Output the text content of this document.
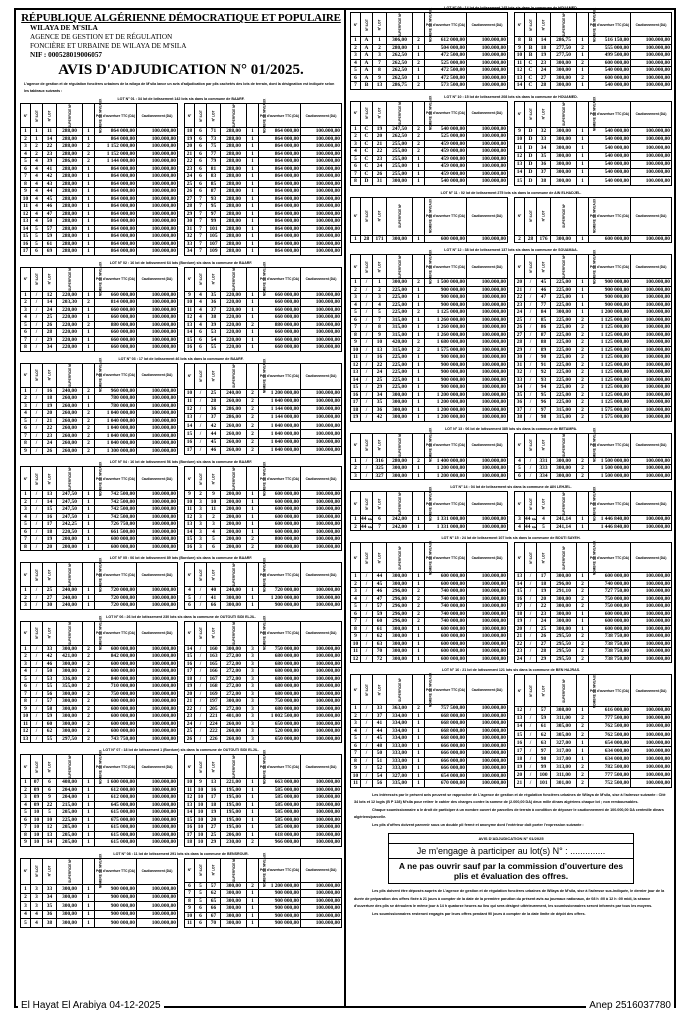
RÉPUBLIQUE ALGÉRIENNE DÉMOCRATIQUE ET POPULAIRE
WILAYA DE M'SILA
AGENCE DE GESTION ET DE RÉGULATION
FONCIÈRE ET URBAINE DE WILAYA DE M'SILA
NIF : 000528019006057
AVIS D'ADJUDICATION N° 01/2025.
L'agence de gestion et de régulation foncières urbaines de la wilaya de M'sila lance un avis d'adjudication par plis cachetés des lots de terrain, dont la désignation est indiquée selon les tableaux suivants :
LOT N° 01 : 34 lot de lotissement 142 lots sis dans la commune de BAARF.
N°	N° ILOT	N° LOT	SUPERFICIE M²	NOMBRE DE NIVEAUX	Prix d'ouverture TTC (DA)	Cautionnement (DA)
1	1	11	288,00	1	864 000,00	100.000,00
2	1	14	288,00	1	864 000,00	100.000,00
3	2	22	288,00	2	1 152 000,00	100.000,00
4	2	23	288,00	2	1 152 000,00	100.000,00
5	4	39	286,00	2	1 144 000,00	100.000,00
6	4	41	288,00	1	864 000,00	100.000,00
7	4	42	288,00	1	864 000,00	100.000,00
8	4	43	288,00	1	864 000,00	100.000,00
9	4	44	288,00	1	864 000,00	100.000,00
10	4	45	288,00	1	864 000,00	100.000,00
11	4	46	288,00	1	864 000,00	100.000,00
12	4	47	288,00	1	864 000,00	100.000,00
13	4	50	288,00	1	864 000,00	100.000,00
14	5	57	288,00	1	864 000,00	100.000,00
15	5	59	288,00	1	864 000,00	100.000,00
16	5	61	288,00	1	864 000,00	100.000,00
17	6	69	288,00	1	864 000,00	100.000,00
N°	N° ILOT	N° LOT	SUPERFICIE M²	NOMBRE DE NIVEAUX	Prix d'ouverture TTC (DA)	Cautionnement (DA)
18	6	71	288,00	1	864 000,00	100.000,00
19	6	73	288,00	1	864 000,00	100.000,00
20	6	75	288,00	1	864 000,00	100.000,00
21	6	77	288,00	1	864 000,00	100.000,00
22	6	79	288,00	1	864 000,00	100.000,00
23	6	81	288,00	1	864 000,00	100.000,00
24	6	83	288,00	1	864 000,00	100.000,00
25	6	85	288,00	1	864 000,00	100.000,00
26	6	87	288,00	1	864 000,00	100.000,00
27	7	93	288,00	1	864 000,00	100.000,00
28	7	95	288,00	1	864 000,00	100.000,00
29	7	97	288,00	1	864 000,00	100.000,00
30	7	99	288,00	1	864 000,00	100.000,00
31	7	101	288,00	1	864 000,00	100.000,00
32	7	105	288,00	1	864 000,00	100.000,00
33	7	107	288,00	1	864 000,00	100.000,00
34	7	109	288,00	1	864 000,00	100.000,00
LOT N° 02 : 16 lot de lotissement 64 lots (Bordure) sis dans la commune de BAARF.
N°	N° ILOT	N° LOT	SUPERFICIE M²	NOMBRE DE NIVEAUX	Prix d'ouverture TTC (DA)	Cautionnement (DA)
1	/	12	220,00	1	660 000,00	100.000,00
2	/	14	203,30	2	814 000,00	100.000,00
3	/	24	220,00	1	660 000,00	100.000,00
4	/	25	220,00	1	660 000,00	100.000,00
5	/	26	220,00	2	880 000,00	100.000,00
6	/	28	220,00	1	660 000,00	100.000,00
7	/	29	220,00	1	660 000,00	100.000,00
8	/	34	220,00	1	660 000,00	100.000,00
N°	N° ILOT	N° LOT	SUPERFICIE M²	NOMBRE DE NIVEAUX	Prix d'ouverture TTC (DA)	Cautionnement (DA)
9	4	35	220,00	1	660 000,00	100.000,00
10	4	36	220,00	1	660 000,00	100.000,00
11	4	37	220,00	1	660 000,00	100.000,00
12	4	38	220,00	1	660 000,00	100.000,00
13	4	39	220,00	2	880 000,00	100.000,00
14	6	53	220,00	1	660 000,00	100.000,00
15	6	54	220,00	1	660 000,00	100.000,00
16	6	55	220,00	1	660 000,00	100.000,00
LOT N° 03 : 17 lot de lotissement 46 lots sis dans la commune de BAARF.
N°	N° ILOT	N° LOT	SUPERFICIE M²	NOMBRE DE NIVEAUX	Prix d'ouverture TTC (DA)	Cautionnement (DA)
1	/	16	240,00	2	960 000,00	100.000,00
2	/	18	260,00	1	780 000,00	100.000,00
3	/	19	260,00	1	780 000,00	100.000,00
4	/	20	260,00	2	1 040 000,00	100.000,00
5	/	21	260,00	2	1 040 000,00	100.000,00
6	/	22	260,00	2	1 040 000,00	100.000,00
7	/	23	260,00	2	1 040 000,00	100.000,00
8	/	24	260,00	2	1 040 000,00	100.000,00
9	/	26	260,00	2	1 300 000,00	100.000,00
N°	N° ILOT	N° LOT	SUPERFICIE M²	NOMBRE DE NIVEAUX	Prix d'ouverture TTC (DA)	Cautionnement (DA)
10	/	25	240,00	2	1 200 000,00	100.000,00
11	/	28	260,00	2	1 040 000,00	100.000,00
12	/	36	286,00	2	1 144 000,00	100.000,00
13	/	37	286,00	2	1 144 000,00	100.000,00
14	/	42	260,00	2	1 040 000,00	100.000,00
15	/	44	260,00	2	1 040 000,00	100.000,00
16	/	45	260,00	2	1 040 000,00	100.000,00
17	/	46	260,00	2	1 040 000,00	100.000,00
LOT N° 04 : 16 lot de lotissement 56 lots (Bordure) sis dans la commune de BAARF.
N°	N° ILOT	N° LOT	SUPERFICIE M²	NOMBRE DE NIVEAUX	Prix d'ouverture TTC (DA)	Cautionnement (DA)
1	/	13	247,50	1	742 500,00	100.000,00
2	/	14	247,50	1	742 500,00	100.000,00
3	/	15	247,50	1	742 500,00	100.000,00
4	/	16	247,50	1	742 500,00	100.000,00
5	/	17	242,25	1	726 750,00	100.000,00
6	/	18	220,50	1	661 500,00	100.000,00
7	/	19	200,00	1	600 000,00	100.000,00
8	/	20	200,00	1	600 000,00	100.000,00
N°	N° ILOT	N° LOT	SUPERFICIE M²	NOMBRE DE NIVEAUX	Prix d'ouverture TTC (DA)	Cautionnement (DA)
9	2	9	200,00	1	600 000,00	100.000,00
10	3	10	200,00	1	600 000,00	100.000,00
11	3	11	200,00	1	600 000,00	100.000,00
12	3	2	200,00	1	600 000,00	100.000,00
13	3	3	200,00	1	600 000,00	100.000,00
14	3	4	200,00	1	600 000,00	100.000,00
15	3	5	200,00	2	800 000,00	100.000,00
16	3	6	200,00	2	800 000,00	100.000,00
LOT N° 05 : 06 lot de lotissement 89 lots (Bordure) sis dans la commune de BAARF.
N°	N° ILOT	N° LOT	SUPERFICIE M²	NOMBRE DE NIVEAUX	Prix d'ouverture TTC (DA)	Cautionnement (DA)
1	/	25	240,00	1	720 000,00	100.000,00
2	/	27	240,00	1	720 000,00	100.000,00
3	/	30	240,00	1	720 000,00	100.000,00
N°	N° ILOT	N° LOT	SUPERFICIE M²	NOMBRE DE NIVEAUX	Prix d'ouverture TTC (DA)	Cautionnement (DA)
4	/	40	240,00	1	720 000,00	100.000,00
5	/	41	300,00	1	1 200 000,00	100.000,00
6	/	66	300,00	1	900 000,00	100.000,00
LOT N° 06 : 26 lot de lotissement 230 lots sis dans la commune de OUTOUTI SIDI ELJIL.
N°	N° ILOT	N° LOT	SUPERFICIE M²	NOMBRE DE NIVEAUX	Prix d'ouverture TTC (DA)	Cautionnement (DA)
1	/	33	300,00	2	600 000,00	100.000,00
2	/	42	421,00	2	842 000,00	100.000,00
3	/	46	300,00	2	600 000,00	100.000,00
4	/	50	300,00	2	600 000,00	100.000,00
5	/	53	336,00	2	840 000,00	100.000,00
6	/	55	355,00	2	710 000,00	100.000,00
7	/	56	300,00	2	750 000,00	100.000,00
8	/	57	300,00	2	600 000,00	100.000,00
9	/	58	300,00	2	600 000,00	100.000,00
10	/	59	300,00	2	600 000,00	100.000,00
11	/	60	300,00	2	600 000,00	100.000,00
12	/	62	300,00	2	600 000,00	100.000,00
13	/	55	297,50	2	743 750,00	100.000,00
N°	N° ILOT	N° LOT	SUPERFICIE M²	NOMBRE DE NIVEAUX	Prix d'ouverture TTC (DA)	Cautionnement (DA)
14	/	160	300,00	3	750 000,00	100.000,00
15	/	163	272,00	3	680 000,00	100.000,00
16	/	165	272,00	3	680 000,00	100.000,00
17	/	166	272,00	3	680 000,00	100.000,00
18	/	167	272,00	3	680 000,00	100.000,00
19	/	168	272,00	3	680 000,00	100.000,00
20	/	169	272,00	3	680 000,00	100.000,00
21	/	197	300,00	3	750 000,00	100.000,00
22	/	205	272,00	3	680 000,00	100.000,00
23	/	221	401,00	3	1 002 500,00	100.000,00
24	/	224	260,00	3	650 000,00	100.000,00
25	/	222	260,00	3	520 000,00	100.000,00
26	/	226	260,00	3	650 000,00	100.000,00
LOT N° 07 : 18 lot de lotissement 1 (Bordure) sis dans la commune de OUTOUTI SIDI ELJIL.
N°	N° ILOT	N° LOT	SUPERFICIE M²	NOMBRE DE NIVEAUX	Prix d'ouverture TTC (DA)	Cautionnement (DA)
1	07	6	408,00	1	1 600 000,00	100.000,00
2	09	6	204,00	1	612 000,00	100.000,00
3	09	9	204,00	1	612 000,00	100.000,00
4	09	22	215,00	1	645 000,00	100.000,00
5	10	5	205,00	1	615 000,00	100.000,00
6	10	10	225,00	1	675 000,00	100.000,00
7	10	12	205,00	1	615 000,00	100.000,00
8	10	13	205,00	1	615 000,00	100.000,00
9	10	14	205,00	1	615 000,00	100.000,00
N°	N° ILOT	N° LOT	SUPERFICIE M²	NOMBRE DE NIVEAUX	Prix d'ouverture TTC (DA)	Cautionnement (DA)
10	9	13	221,00	1	663 000,00	100.000,00
11	10	16	195,00	1	585 000,00	100.000,00
12	10	17	195,00	1	585 000,00	100.000,00
13	10	18	195,00	1	585 000,00	100.000,00
14	10	19	195,00	1	585 000,00	100.000,00
15	10	20	195,00	1	585 000,00	100.000,00
16	10	27	195,00	1	585 000,00	100.000,00
17	10	25	206,00	1	618 000,00	100.000,00
18	10	29	230,00	2	966 000,00	100.000,00
LOT N° 08 : 11 lot de lotissement 291 lots sis dans la commune de BENSROUR.
N°	N° ILOT	N° LOT	SUPERFICIE M²	NOMBRE DE NIVEAUX	Prix d'ouverture TTC (DA)	Cautionnement (DA)
1	3	33	300,00	1	900 000,00	100.000,00
2	3	34	300,00	1	900 000,00	100.000,00
3	3	35	300,00	1	900 000,00	100.000,00
4	4	36	300,00	1	900 000,00	100.000,00
5	4	38	300,00	1	900 000,00	100.000,00
N°	N° ILOT	N° LOT	SUPERFICIE M²	NOMBRE DE NIVEAUX	Prix d'ouverture TTC (DA)	Cautionnement (DA)
6	5	57	300,00	2	1 200 000,00	100.000,00
7	5	62	300,00	1	900 000,00	100.000,00
8	5	65	300,00	1	900 000,00	100.000,00
9	6	66	300,00	1	900 000,00	100.000,00
10	6	67	300,00	1	900 000,00	100.000,00
11	6	70	300,00	1	900 000,00	100.000,00
LOT N° 09 : 14 lot de lotissement 145 lots sis dans la commune de HOUAMED.
N°	N° ILOT	N° LOT	SUPERFICIE M²	NOMBRE DE NIVEAUX	Prix d'ouverture TTC (DA)	Cautionnement (DA)
1	A	1	306,00	2	612 000,00	100.000,00
2	A	2	280,00	1	504 000,00	100.000,00
3	A	3	262,50	1	472 500,00	100.000,00
4	A	7	262,50	2	525 000,00	100.000,00
5	A	8	262,50	1	472 500,00	100.000,00
6	A	9	262,50	1	472 500,00	100.000,00
7	B	13	286,75	2	573 500,00	100.000,00
N°	N° ILOT	N° LOT	SUPERFICIE M²	NOMBRE DE NIVEAUX	Prix d'ouverture TTC (DA)	Cautionnement (DA)
8	B	14	286,75	1	516 150,00	100.000,00
9	B	18	277,50	2	555 000,00	100.000,00
10	B	19	277,50	1	499 500,00	100.000,00
11	C	23	300,00	2	600 000,00	100.000,00
12	C	24	300,00	1	540 000,00	100.000,00
13	C	27	300,00	2	600 000,00	100.000,00
14	C	28	300,00	1	540 000,00	100.000,00
LOT N° 10 : 15 lot de lotissement 208 lots sis dans la commune de HOUAMED.
N°	N° ILOT	N° LOT	SUPERFICIE M²	NOMBRE DE NIVEAUX	Prix d'ouverture TTC (DA)	Cautionnement (DA)
1	C	19	247,50	2	540 000,00	100.000,00
2	C	20	262,50	2	525 000,00	100.000,00
3	C	21	255,00	2	459 000,00	100.000,00
4	C	22	255,00	2	459 000,00	100.000,00
5	C	23	255,00	1	459 000,00	100.000,00
6	C	24	255,00	1	459 000,00	100.000,00
7	C	26	255,00	1	459 000,00	100.000,00
8	D	31	300,00	1	540 000,00	100.000,00
N°	N° ILOT	N° LOT	SUPERFICIE M²	NOMBRE DE NIVEAUX	Prix d'ouverture TTC (DA)	Cautionnement (DA)
9	D	32	300,00	1	540 000,00	100.000,00
10	D	33	300,00	1	540 000,00	100.000,00
11	D	34	300,00	1	540 000,00	100.000,00
12	D	35	300,00	1	540 000,00	100.000,00
13	D	36	300,00	1	540 000,00	100.000,00
14	D	37	300,00	1	540 000,00	100.000,00
15	D	38	300,00	1	540 000,00	100.000,00
LOT N° 11 : 02 lot de lotissement 275 lots sis dans la commune de AIN ELHADJEL.
N°	N° ILOT	N° LOT	SUPERFICIE M²	NOMBRE DE NIVEAUX	Prix d'ouverture TTC (DA)	Cautionnement (DA)
1	28	171	300,00	1	600 000,00	100.000,00
N°	N° ILOT	N° LOT	SUPERFICIE M²	NOMBRE DE NIVEAUX	Prix d'ouverture TTC (DA)	Cautionnement (DA)
2	28	176	300,00	1	600 000,00	100.000,00
LOT N° 12 : 38 lot de lotissement 137 lots sis dans la commune de SOUAMAA.
N°	N° ILOT	N° LOT	SUPERFICIE M²	NOMBRE DE NIVEAUX	Prix d'ouverture TTC (DA)	Cautionnement (DA)
1	/	1	300,00	2	1 500 000,00	100.000,00
2	/	2	225,00	1	900 000,00	100.000,00
3	/	3	225,00	1	900 000,00	100.000,00
4	/	4	225,00	1	900 000,00	100.000,00
5	/	5	225,00	2	1 125 000,00	100.000,00
6	/	7	315,00	1	1 260 000,00	100.000,00
7	/	8	315,00	1	1 260 000,00	100.000,00
8	/	9	315,00	1	1 260 000,00	100.000,00
9	/	10	420,00	2	1 680 000,00	100.000,00
10	/	13	315,00	2	1 575 000,00	100.000,00
11	/	16	225,00	1	900 000,00	100.000,00
12	/	22	225,00	1	900 000,00	100.000,00
13	/	24	225,00	1	900 000,00	100.000,00
14	/	25	225,00	1	900 000,00	100.000,00
15	/	29	225,00	1	900 000,00	100.000,00
16	/	34	300,00	1	1 200 000,00	100.000,00
17	/	35	300,00	1	1 200 000,00	100.000,00
18	/	36	300,00	1	1 200 000,00	100.000,00
19	/	42	300,00	1	1 200 000,00	100.000,00
N°	N° ILOT	N° LOT	SUPERFICIE M²	NOMBRE DE NIVEAUX	Prix d'ouverture TTC (DA)	Cautionnement (DA)
20	/	45	225,00	1	900 000,00	100.000,00
21	/	46	225,00	1	900 000,00	100.000,00
22	/	47	225,00	1	900 000,00	100.000,00
23	/	77	225,00	1	900 000,00	100.000,00
24	/	84	300,00	1	1 200 000,00	100.000,00
25	/	85	225,00	2	1 125 000,00	100.000,00
26	/	86	225,00	2	1 125 000,00	100.000,00
27	/	87	225,00	2	1 125 000,00	100.000,00
28	/	88	225,00	2	1 125 000,00	100.000,00
29	/	89	225,00	2	1 125 000,00	100.000,00
30	/	90	225,00	2	1 125 000,00	100.000,00
31	/	91	225,00	2	1 125 000,00	100.000,00
32	/	92	225,00	2	1 125 000,00	100.000,00
33	/	93	225,00	2	1 125 000,00	100.000,00
34	/	94	225,00	2	1 125 000,00	100.000,00
35	/	95	225,00	2	1 125 000,00	100.000,00
36	/	96	225,00	2	1 125 000,00	100.000,00
37	/	97	315,00	2	1 575 000,00	100.000,00
38	/	98	315,00	2	1 575 000,00	100.000,00
LOT N° 13 : 06 lot de lotissement 385 lots sis dans la commune de BETAMPA.
N°	N° ILOT	N° LOT	SUPERFICIE M²	NOMBRE DE NIVEAUX	Prix d'ouverture TTC (DA)	Cautionnement (DA)
1	/	316	280,00	2	1 400 000,00	100.000,00
2	/	325	300,00	1	1 200 000,00	100.000,00
3	/	327	300,00	1	1 200 000,00	100.000,00
N°	N° ILOT	N° LOT	SUPERFICIE M²	NOMBRE DE NIVEAUX	Prix d'ouverture TTC (DA)	Cautionnement (DA)
4	/	331	300,00	2	1 500 000,00	100.000,00
5	/	333	300,00	2	1 500 000,00	100.000,00
6	/	334	300,00	2	1 500 000,00	100.000,00
LOT N° 14 : 04 lot de lotissement sis dans la commune de AIN LEHJEL.
N°	N° ILOT	N° LOT	SUPERFICIE M²	NOMBRE DE NIVEAUX	Prix d'ouverture TTC (DA)	Cautionnement (DA)
1	44 ت	6	242,00	1	1 331 000,00	100.000,00
2	44 ت	7	242,00	1	1 331 000,00	100.000,00
N°	N° ILOT	N° LOT	SUPERFICIE M²	NOMBRE DE NIVEAUX	Prix d'ouverture TTC (DA)	Cautionnement (DA)
3	44 ت	4	241,14	1	1 446 840,00	100.000,00
4	44 ت	5	241,14	1	1 446 840,00	100.000,00
LOT N° 15 : 24 lot de lotissement 107 lots sis dans la commune de BOUTI SAYEH.
N°	N° ILOT	N° LOT	SUPERFICIE M²	NOMBRE DE NIVEAUX	Prix d'ouverture TTC (DA)	Cautionnement (DA)
1	/	44	300,00	1	600 000,00	100.000,00
2	/	45	300,00	1	600 000,00	100.000,00
3	/	46	296,00	2	740 000,00	100.000,00
4	/	47	296,00	2	740 000,00	100.000,00
5	/	57	296,00	2	740 000,00	100.000,00
6	/	59	296,00	2	740 000,00	100.000,00
7	/	60	296,00	2	740 000,00	100.000,00
8	/	61	300,00	1	600 000,00	100.000,00
9	/	62	300,00	1	600 000,00	100.000,00
10	/	63	300,00	1	600 000,00	100.000,00
11	/	70	300,00	1	600 000,00	100.000,00
12	/	72	300,00	1	600 000,00	100.000,00
N°	N° ILOT	N° LOT	SUPERFICIE M²	NOMBRE DE NIVEAUX	Prix d'ouverture TTC (DA)	Cautionnement (DA)
13	/	17	300,00	1	600 000,00	100.000,00
14	/	18	296,00	2	740 000,00	100.000,00
15	/	19	291,10	2	727 750,00	100.000,00
16	/	20	300,00	2	750 000,00	100.000,00
17	/	22	300,00	2	750 000,00	100.000,00
18	/	23	300,00	1	600 000,00	100.000,00
19	/	24	300,00	1	600 000,00	100.000,00
20	/	25	300,00	1	600 000,00	100.000,00
21	/	26	295,50	2	738 750,00	100.000,00
22	/	27	295,50	2	738 750,00	100.000,00
23	/	28	295,50	2	738 750,00	100.000,00
24	/	29	295,50	2	738 750,00	100.000,00
LOT N° 16 : 21 lot de lotissement 121 lots sis dans la commune de BEN HAJRAS.
N°	N° ILOT	N° LOT	SUPERFICIE M²	NOMBRE DE NIVEAUX	Prix d'ouverture TTC (DA)	Cautionnement (DA)
1	/	33	363,00	2	757 500,00	100.000,00
2	/	37	334,00	1	668 000,00	100.000,00
3	/	41	334,00	1	668 000,00	100.000,00
4	/	44	334,00	1	668 000,00	100.000,00
5	/	45	334,00	1	668 000,00	100.000,00
6	/	48	333,00	1	666 000,00	100.000,00
7	/	50	333,00	1	666 000,00	100.000,00
8	/	51	333,00	1	666 000,00	100.000,00
9	/	52	333,00	1	666 000,00	100.000,00
10	/	54	327,00	1	654 000,00	100.000,00
11	/	56	335,00	1	670 000,00	100.000,00
N°	N° ILOT	N° LOT	SUPERFICIE M²	NOMBRE DE NIVEAUX	Prix d'ouverture TTC (DA)	Cautionnement (DA)
12	/	57	308,00	1	616 000,00	100.000,00
13	/	59	311,00	2	777 500,00	100.000,00
14	/	61	305,00	2	762 500,00	100.000,00
15	/	62	305,00	2	762 500,00	100.000,00
16	/	63	327,00	1	654 000,00	100.000,00
17	/	97	317,00	1	634 000,00	100.000,00
18	/	98	317,00	1	634 000,00	100.000,00
19	/	99	313,00	2	782 500,00	100.000,00
20	/	100	311,00	2	777 500,00	100.000,00
21	/	101	301,00	2	752 500,00	100.000,00

Les intéressés par le présent avis peuvent se rapprocher de L'agence de gestion et de régulation foncières urbaines de Wilaya de M'sila, sise à l'adresse suivante : Cité 34 lots et 12 logts (B P 128) M'sila pour retirer le cahier des charges contre la somme de (2.000,00 DA) deux mille dinars algériens chaque lot ; non remboursables.

Chaque soumissionnaire a le droit de participer à un nombre ouvert de parcelles de terrain à condition de déposer le cautionnement de 100.000,00 DA centmille dinars algériens/parcelle.

Les plis d'offres doivent parvenir sous un double pli fermé et anonyme dont l'extérieur doit porter l'expression suivante :

AVIS D'ADJUDICATION N° 01/2025
Je m'engage à participer au lot(s) N° : ..............
A ne pas ouvrir sauf par la commission d'ouverture des plis et évaluation des offres.

Les plis doivent être déposés auprès de L'agence de gestion et de régulation foncières urbaines de Wilaya de M'sila, sise à l'adresse sus-indiquée, le dernier jour de la durée de préparation des offres fixée à 21 jours à compter de la date de la première parution du présent avis au journaux nationaux, de 08 h :00 à 12 h :00 midi, la séance d'ouverture des plis se déroulera le même jour à 14 h quatorze heures au lieu qui sera désigné ultérieurement, les soumissionnaires seront informés par tous les moyens.

Les soumissionnaires resteront engagés par leurs offres pendant 90 jours à compter de la date limite de dépôt des offres.

El Hayat El Arabiya 04-12-2025	Anep 2516037780
